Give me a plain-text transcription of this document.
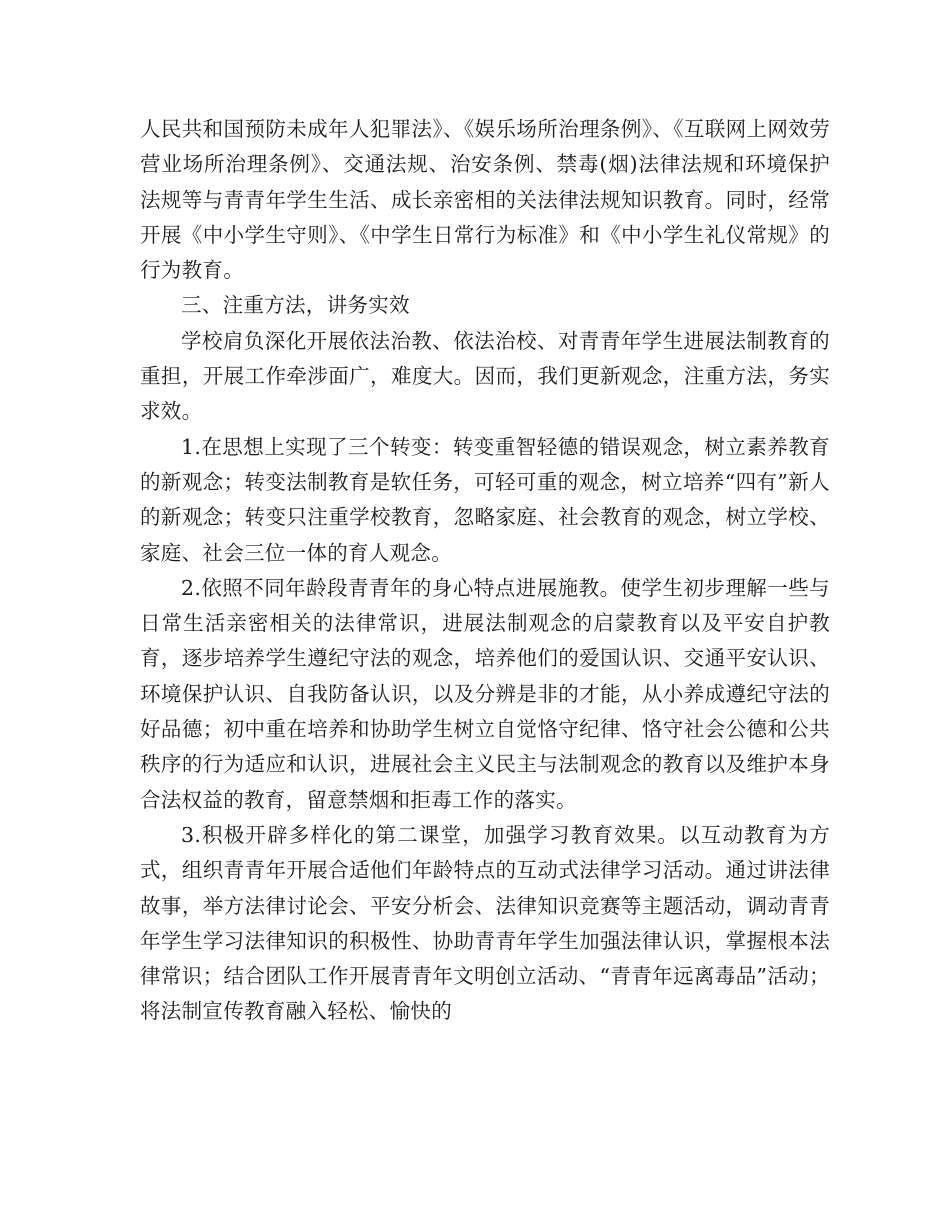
人民共和国预防未成年人犯罪法》、《娱乐场所治理条例》、《互联网上网效劳营业场所治理条例》、交通法规、治安条例、禁毒(烟)法律法规和环境保护法规等与青青年学生生活、成长亲密相的关法律法规知识教育。同时，经常开展《中小学生守则》、《中学生日常行为标准》和《中小学生礼仪常规》的行为教育。

三、注重方法，讲务实效

学校肩负深化开展依法治教、依法治校、对青青年学生进展法制教育的重担，开展工作牵涉面广，难度大。因而，我们更新观念，注重方法，务实求效。

1.在思想上实现了三个转变：转变重智轻德的错误观念，树立素养教育的新观念；转变法制教育是软任务，可轻可重的观念，树立培养“四有”新人的新观念；转变只注重学校教育，忽略家庭、社会教育的观念，树立学校、家庭、社会三位一体的育人观念。

2.依照不同年龄段青青年的身心特点进展施教。使学生初步理解一些与日常生活亲密相关的法律常识，进展法制观念的启蒙教育以及平安自护教育，逐步培养学生遵纪守法的观念，培养他们的爱国认识、交通平安认识、环境保护认识、自我防备认识，以及分辨是非的才能，从小养成遵纪守法的好品德；初中重在培养和协助学生树立自觉恪守纪律、恪守社会公德和公共秩序的行为适应和认识，进展社会主义民主与法制观念的教育以及维护本身合法权益的教育，留意禁烟和拒毒工作的落实。

3.积极开辟多样化的第二课堂，加强学习教育效果。以互动教育为方式，组织青青年开展合适他们年龄特点的互动式法律学习活动。通过讲法律故事，举方法律讨论会、平安分析会、法律知识竞赛等主题活动，调动青青年学生学习法律知识的积极性、协助青青年学生加强法律认识，掌握根本法律常识；结合团队工作开展青青年文明创立活动、“青青年远离毒品”活动；将法制宣传教育融入轻松、愉快的
